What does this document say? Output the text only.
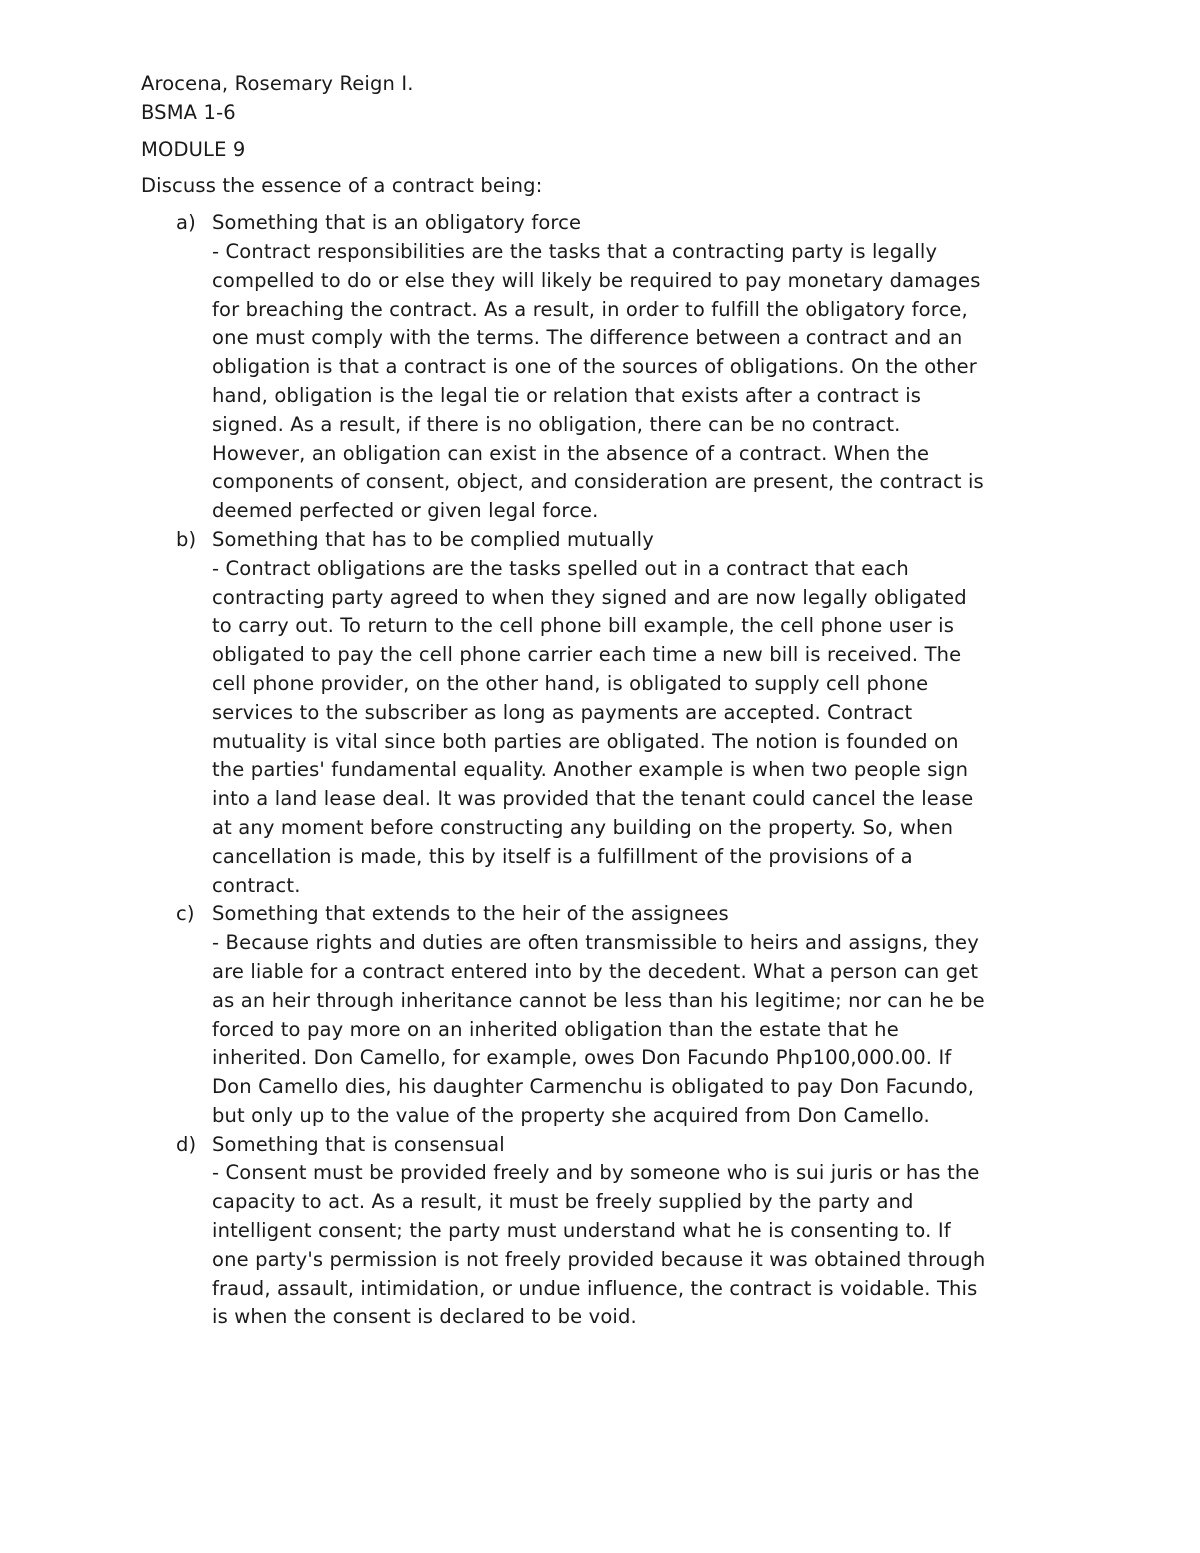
Arocena, Rosemary Reign I.
BSMA 1-6
MODULE 9
Discuss the essence of a contract being:
a) Something that is an obligatory force
- Contract responsibilities are the tasks that a contracting party is legally
compelled to do or else they will likely be required to pay monetary damages
for breaching the contract. As a result, in order to fulfill the obligatory force,
one must comply with the terms. The difference between a contract and an
obligation is that a contract is one of the sources of obligations. On the other
hand, obligation is the legal tie or relation that exists after a contract is
signed. As a result, if there is no obligation, there can be no contract.
However, an obligation can exist in the absence of a contract. When the
components of consent, object, and consideration are present, the contract is
deemed perfected or given legal force.
b) Something that has to be complied mutually
- Contract obligations are the tasks spelled out in a contract that each
contracting party agreed to when they signed and are now legally obligated
to carry out. To return to the cell phone bill example, the cell phone user is
obligated to pay the cell phone carrier each time a new bill is received. The
cell phone provider, on the other hand, is obligated to supply cell phone
services to the subscriber as long as payments are accepted. Contract
mutuality is vital since both parties are obligated. The notion is founded on
the parties' fundamental equality. Another example is when two people sign
into a land lease deal. It was provided that the tenant could cancel the lease
at any moment before constructing any building on the property. So, when
cancellation is made, this by itself is a fulfillment of the provisions of a
contract.
c) Something that extends to the heir of the assignees
- Because rights and duties are often transmissible to heirs and assigns, they
are liable for a contract entered into by the decedent. What a person can get
as an heir through inheritance cannot be less than his legitime; nor can he be
forced to pay more on an inherited obligation than the estate that he
inherited. Don Camello, for example, owes Don Facundo Php100,000.00. If
Don Camello dies, his daughter Carmenchu is obligated to pay Don Facundo,
but only up to the value of the property she acquired from Don Camello.
d) Something that is consensual
- Consent must be provided freely and by someone who is sui juris or has the
capacity to act. As a result, it must be freely supplied by the party and
intelligent consent; the party must understand what he is consenting to. If
one party's permission is not freely provided because it was obtained through
fraud, assault, intimidation, or undue influence, the contract is voidable. This
is when the consent is declared to be void.
